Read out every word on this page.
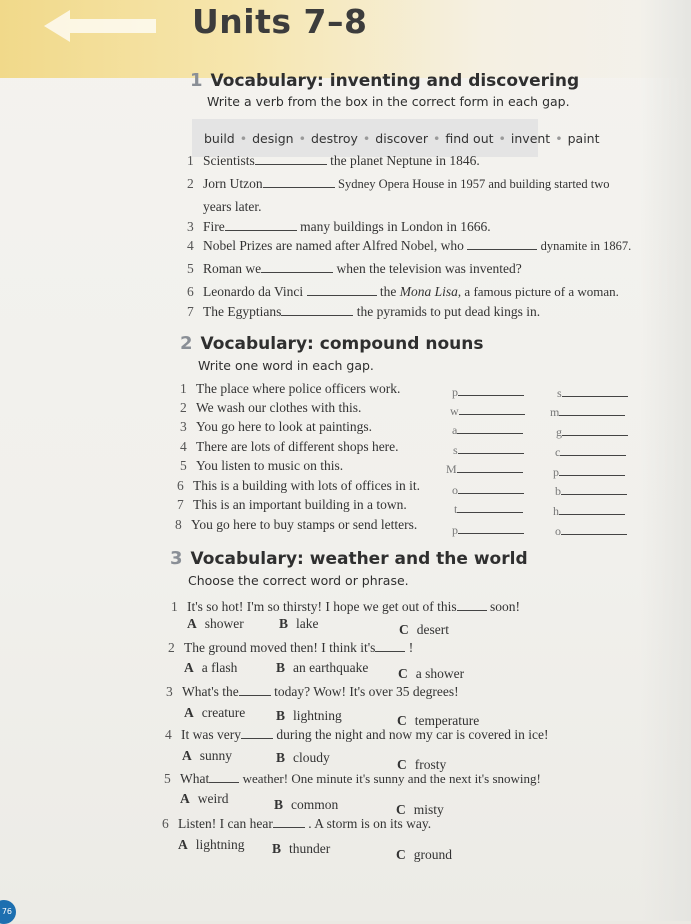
Units 7–8
1 Vocabulary: inventing and discovering
Write a verb from the box in the correct form in each gap.
build • design • destroy • discover • find out • invent • paint
1 Scientists	the planet Neptune in 1846.
2 Jorn Utzon	Sydney Opera House in 1957 and building started two
years later.
3 Fire	many buildings in London in 1666.
4 Nobel Prizes are named after Alfred Nobel, who	dynamite in 1867.
5 Roman we	when the television was invented?
6 Leonardo da Vinci	the Mona Lisa, a famous picture of a woman.
7 The Egyptians	the pyramids to put dead kings in.
2 Vocabulary: compound nouns
Write one word in each gap.
1 The place where police officers work.	p	s
2 We wash our clothes with this.	w	m
3 You go here to look at paintings.	a	g
4 There are lots of different shops here.	s	c
5 You listen to music on this.	M	p
6 This is a building with lots of offices in it.	o	b
7 This is an important building in a town.	t	h
8 You go here to buy stamps or send letters.	p	o
3 Vocabulary: weather and the world
Choose the correct word or phrase.
1 It's so hot! I'm so thirsty! I hope we get out of this soon!
A shower	B lake	C desert
2 The ground moved then! I think it's !
A a flash	B an earthquake C a shower
3 What's the	today? Wow! It's over 35 degrees!
A creature B lightning	C temperature
4 It was very	during the night and now my car is covered in ice!
A sunny	B cloudy	C frosty
5 What	weather! One minute it's sunny and the next it's snowing!
A weird	B common	C misty
6 Listen! I can hear	. A storm is on its way.
A lightning B thunder	C ground
76
